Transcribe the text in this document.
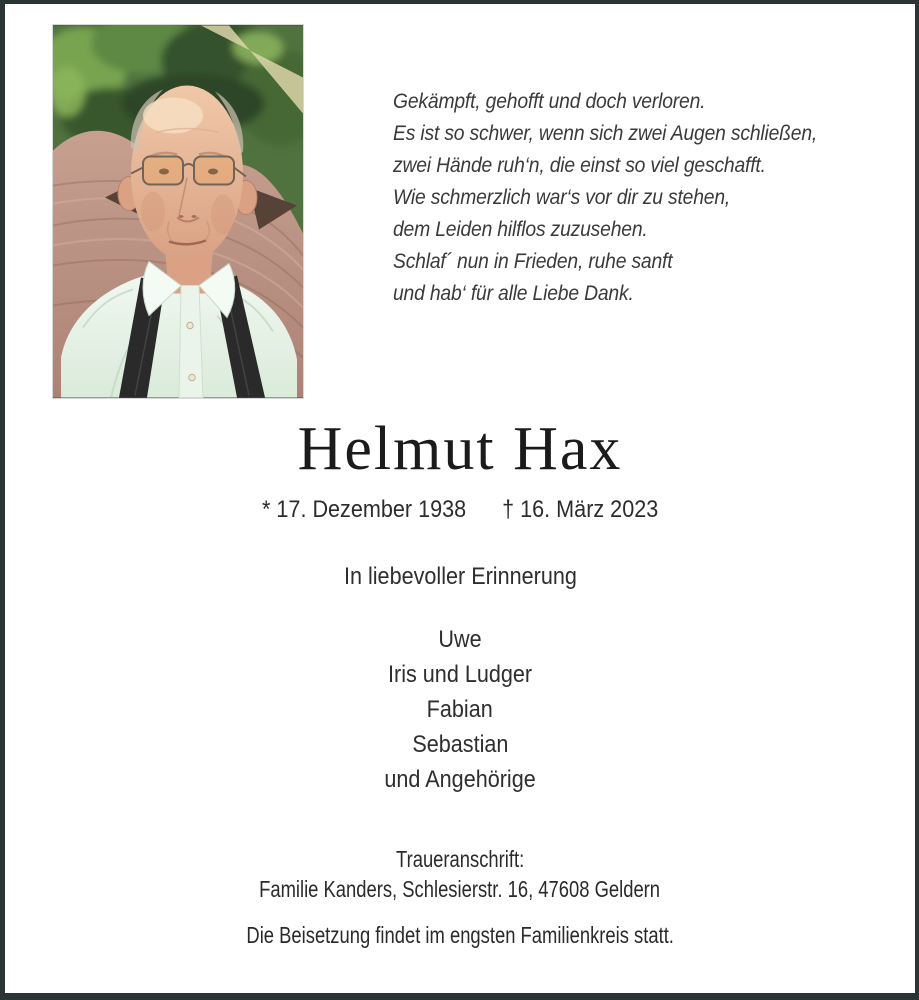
Gekämpft, gehofft und doch verloren.
Es ist so schwer, wenn sich zwei Augen schließen,
zwei Hände ruh‘n, die einst so viel geschafft.
Wie schmerzlich war‘s vor dir zu stehen,
dem Leiden hilflos zuzusehen.
Schlaf´ nun in Frieden, ruhe sanft
und hab‘ für alle Liebe Dank.
Helmut Hax
* 17. Dezember 1938 † 16. März 2023
In liebevoller Erinnerung
Uwe
Iris und Ludger
Fabian
Sebastian
und Angehörige
Traueranschrift:
Familie Kanders, Schlesierstr. 16, 47608 Geldern
Die Beisetzung findet im engsten Familienkreis statt.
